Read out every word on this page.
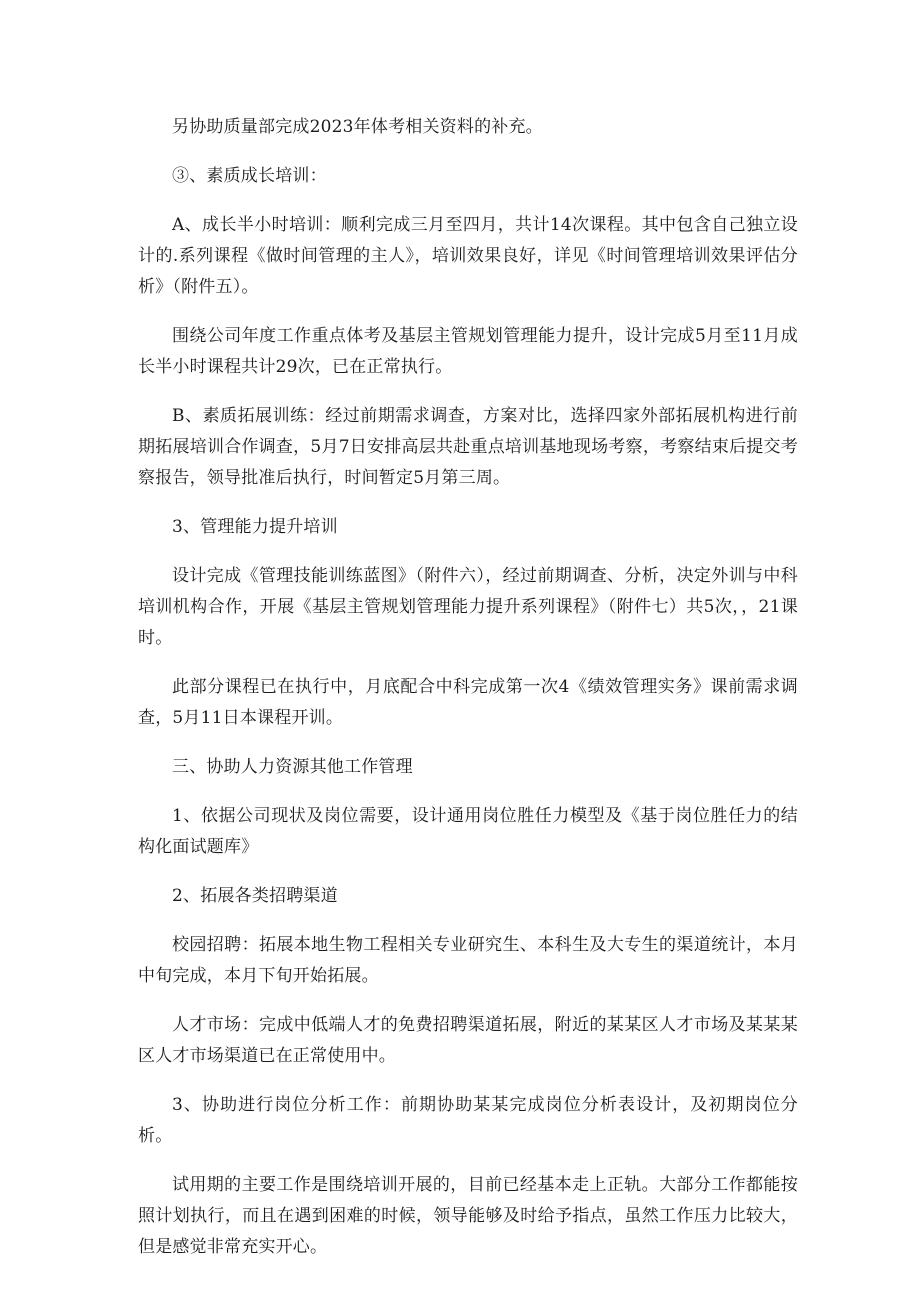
另协助质量部完成2023年体考相关资料的补充。

③、素质成长培训：

A、成长半小时培训：顺利完成三月至四月，共计14次课程。其中包含自己独立设计的.系列课程《做时间管理的主人》，培训效果良好，详见《时间管理培训效果评估分析》（附件五）。

围绕公司年度工作重点体考及基层主管规划管理能力提升，设计完成5月至11月成长半小时课程共计29次，已在正常执行。

B、素质拓展训练：经过前期需求调查，方案对比，选择四家外部拓展机构进行前期拓展培训合作调查，5月7日安排高层共赴重点培训基地现场考察，考察结束后提交考察报告，领导批准后执行，时间暂定5月第三周。

3、管理能力提升培训

设计完成《管理技能训练蓝图》（附件六），经过前期调查、分析，决定外训与中科培训机构合作，开展《基层主管规划管理能力提升系列课程》（附件七）共5次，，21课时。

此部分课程已在执行中，月底配合中科完成第一次4《绩效管理实务》课前需求调查，5月11日本课程开训。

三、协助人力资源其他工作管理

1、依据公司现状及岗位需要，设计通用岗位胜任力模型及《基于岗位胜任力的结构化面试题库》

2、拓展各类招聘渠道

校园招聘：拓展本地生物工程相关专业研究生、本科生及大专生的渠道统计，本月中旬完成，本月下旬开始拓展。

人才市场：完成中低端人才的免费招聘渠道拓展，附近的某某区人才市场及某某某区人才市场渠道已在正常使用中。

3、协助进行岗位分析工作：前期协助某某完成岗位分析表设计，及初期岗位分析。

试用期的主要工作是围绕培训开展的，目前已经基本走上正轨。大部分工作都能按照计划执行，而且在遇到困难的时候，领导能够及时给予指点，虽然工作压力比较大，但是感觉非常充实开心。
